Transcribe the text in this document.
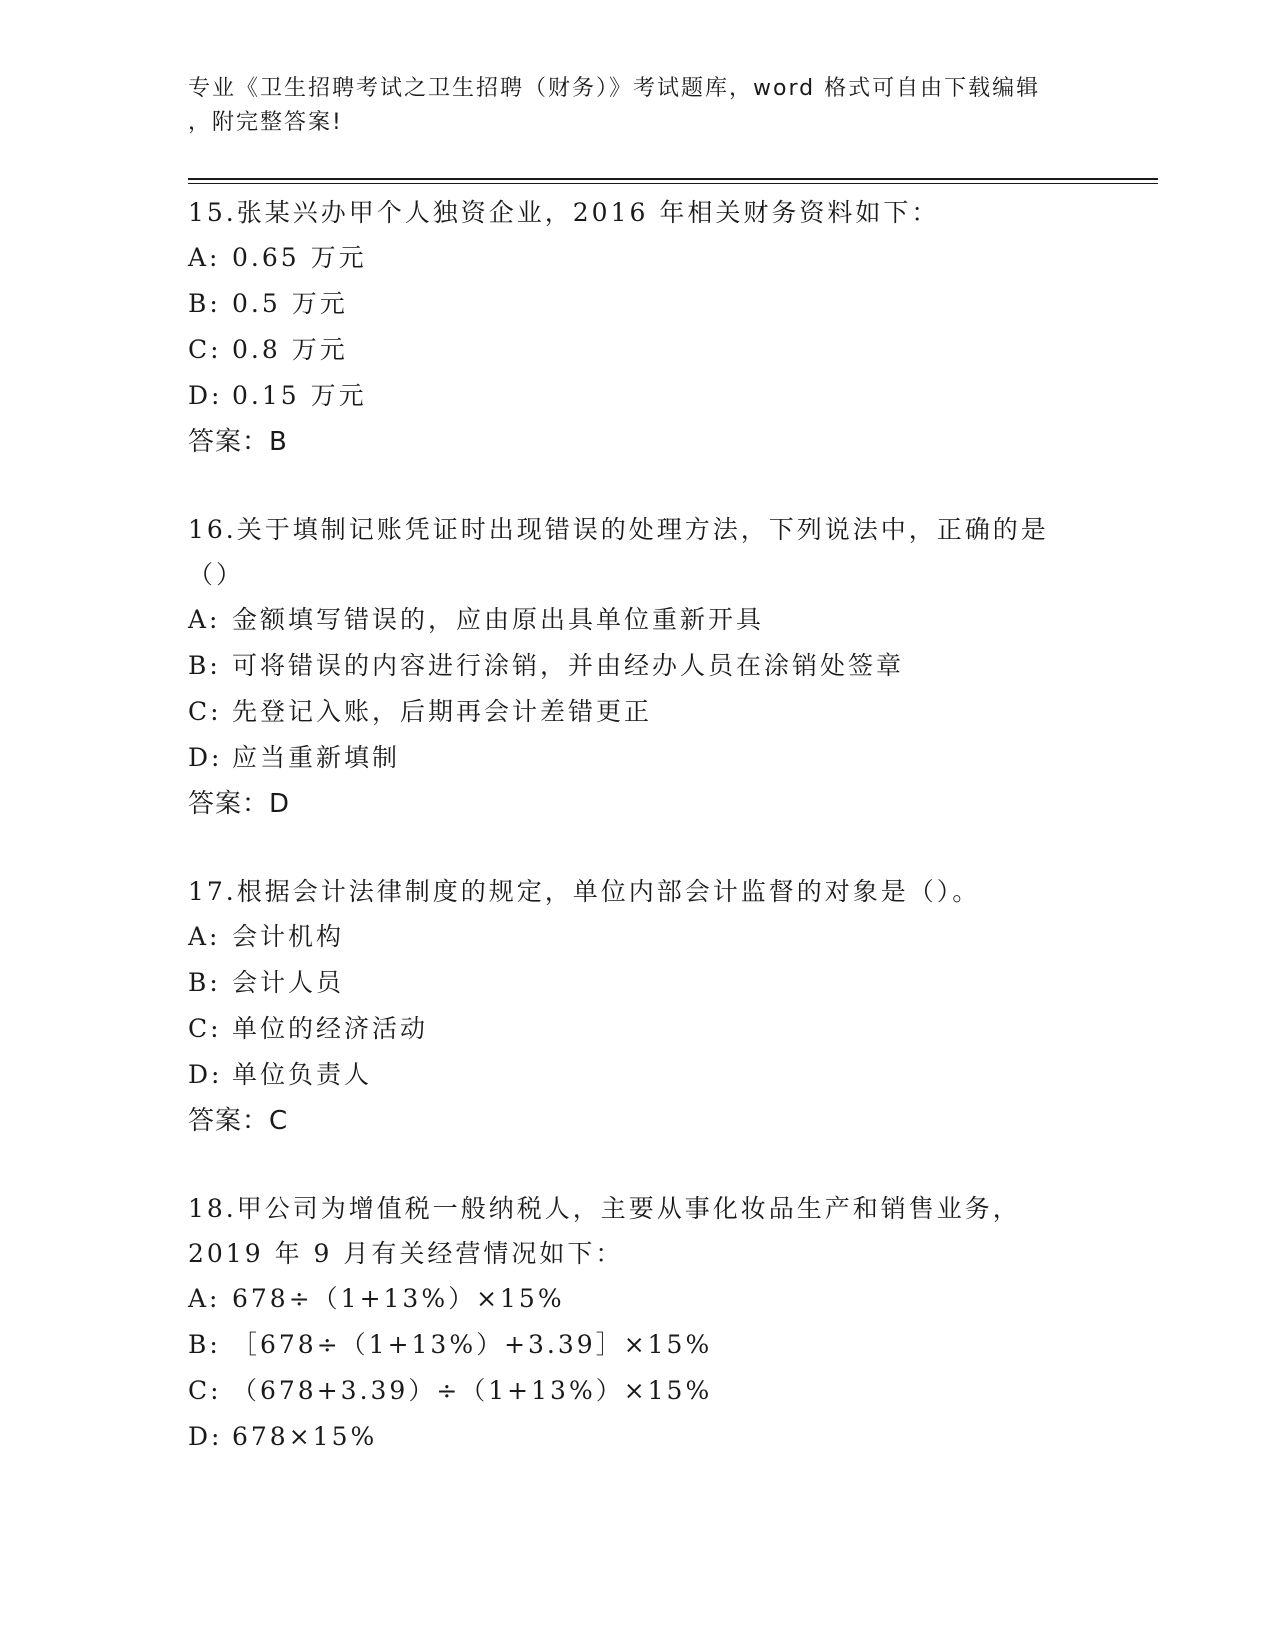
专业《卫生招聘考试之卫生招聘（财务）》考试题库，word 格式可自由下载编辑
，附完整答案!

15.张某兴办甲个人独资企业，2016 年相关财务资料如下：

A: 0.65 万元

B: 0.5 万元

C: 0.8 万元

D: 0.15 万元

答案：B

16.关于填制记账凭证时出现错误的处理方法，下列说法中，正确的是（）

A: 金额填写错误的，应由原出具单位重新开具

B: 可将错误的内容进行涂销，并由经办人员在涂销处签章

C: 先登记入账，后期再会计差错更正

D: 应当重新填制

答案：D

17.根据会计法律制度的规定，单位内部会计监督的对象是（）。

A: 会计机构

B: 会计人员

C: 单位的经济活动

D: 单位负责人

答案：C

18.甲公司为增值税一般纳税人，主要从事化妆品生产和销售业务，2019 年 9 月有关经营情况如下：

A: 678÷（1+13%）×15%

B: ［678÷（1+13%）+3.39］×15%

C: （678+3.39）÷（1+13%）×15%

D: 678×15%
